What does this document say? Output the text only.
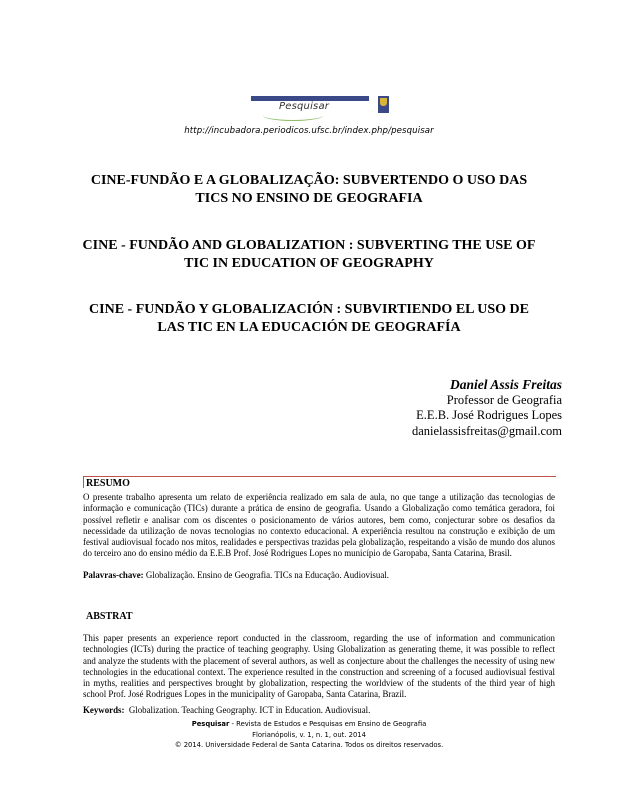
Pesquisar
http://incubadora.periodicos.ufsc.br/index.php/pesquisar
CINE-FUNDÃO E A GLOBALIZAÇÃO: SUBVERTENDO O USO DAS
TICS NO ENSINO DE GEOGRAFIA
CINE - FUNDÃO AND GLOBALIZATION : SUBVERTING THE USE OF
TIC IN EDUCATION OF GEOGRAPHY
CINE - FUNDÃO Y GLOBALIZACIÓN : SUBVIRTIENDO EL USO DE
LAS TIC EN LA EDUCACIÓN DE GEOGRAFÍA
Daniel Assis Freitas
Professor de Geografia
E.E.B. José Rodrigues Lopes
danielassisfreitas@gmail.com
RESUMO
O presente trabalho apresenta um relato de experiência realizado em sala de aula, no que tange a utilização das tecnologias de informação e comunicação (TICs) durante a prática de ensino de geografia. Usando a Globalização como temática geradora, foi possível refletir e analisar com os discentes o posicionamento de vários autores, bem como, conjecturar sobre os desafios da necessidade da utilização de novas tecnologias no contexto educacional. A experiência resultou na construção e exibição de um festival audiovisual focado nos mitos, realidades e perspectivas trazidas pela globalização, respeitando a visão de mundo dos alunos do terceiro ano do ensino médio da E.E.B Prof. José Rodrigues Lopes no município de Garopaba, Santa Catarina, Brasil.
Palavras-chave: Globalização. Ensino de Geografia. TICs na Educação. Audiovisual.
ABSTRAT
This paper presents an experience report conducted in the classroom, regarding the use of information and communication technologies (ICTs) during the practice of teaching geography. Using Globalization as generating theme, it was possible to reflect and analyze the students with the placement of several authors, as well as conjecture about the challenges the necessity of using new technologies in the educational context. The experience resulted in the construction and screening of a focused audiovisual festival in myths, realities and perspectives brought by globalization, respecting the worldview of the students of the third year of high school Prof. José Rodrigues Lopes in the municipality of Garopaba, Santa Catarina, Brazil.
Keywords: Globalization. Teaching Geography. ICT in Education. Audiovisual.
Pesquisar - Revista de Estudos e Pesquisas em Ensino de Geografia
Florianópolis, v. 1, n. 1, out. 2014
© 2014. Universidade Federal de Santa Catarina. Todos os direitos reservados.
